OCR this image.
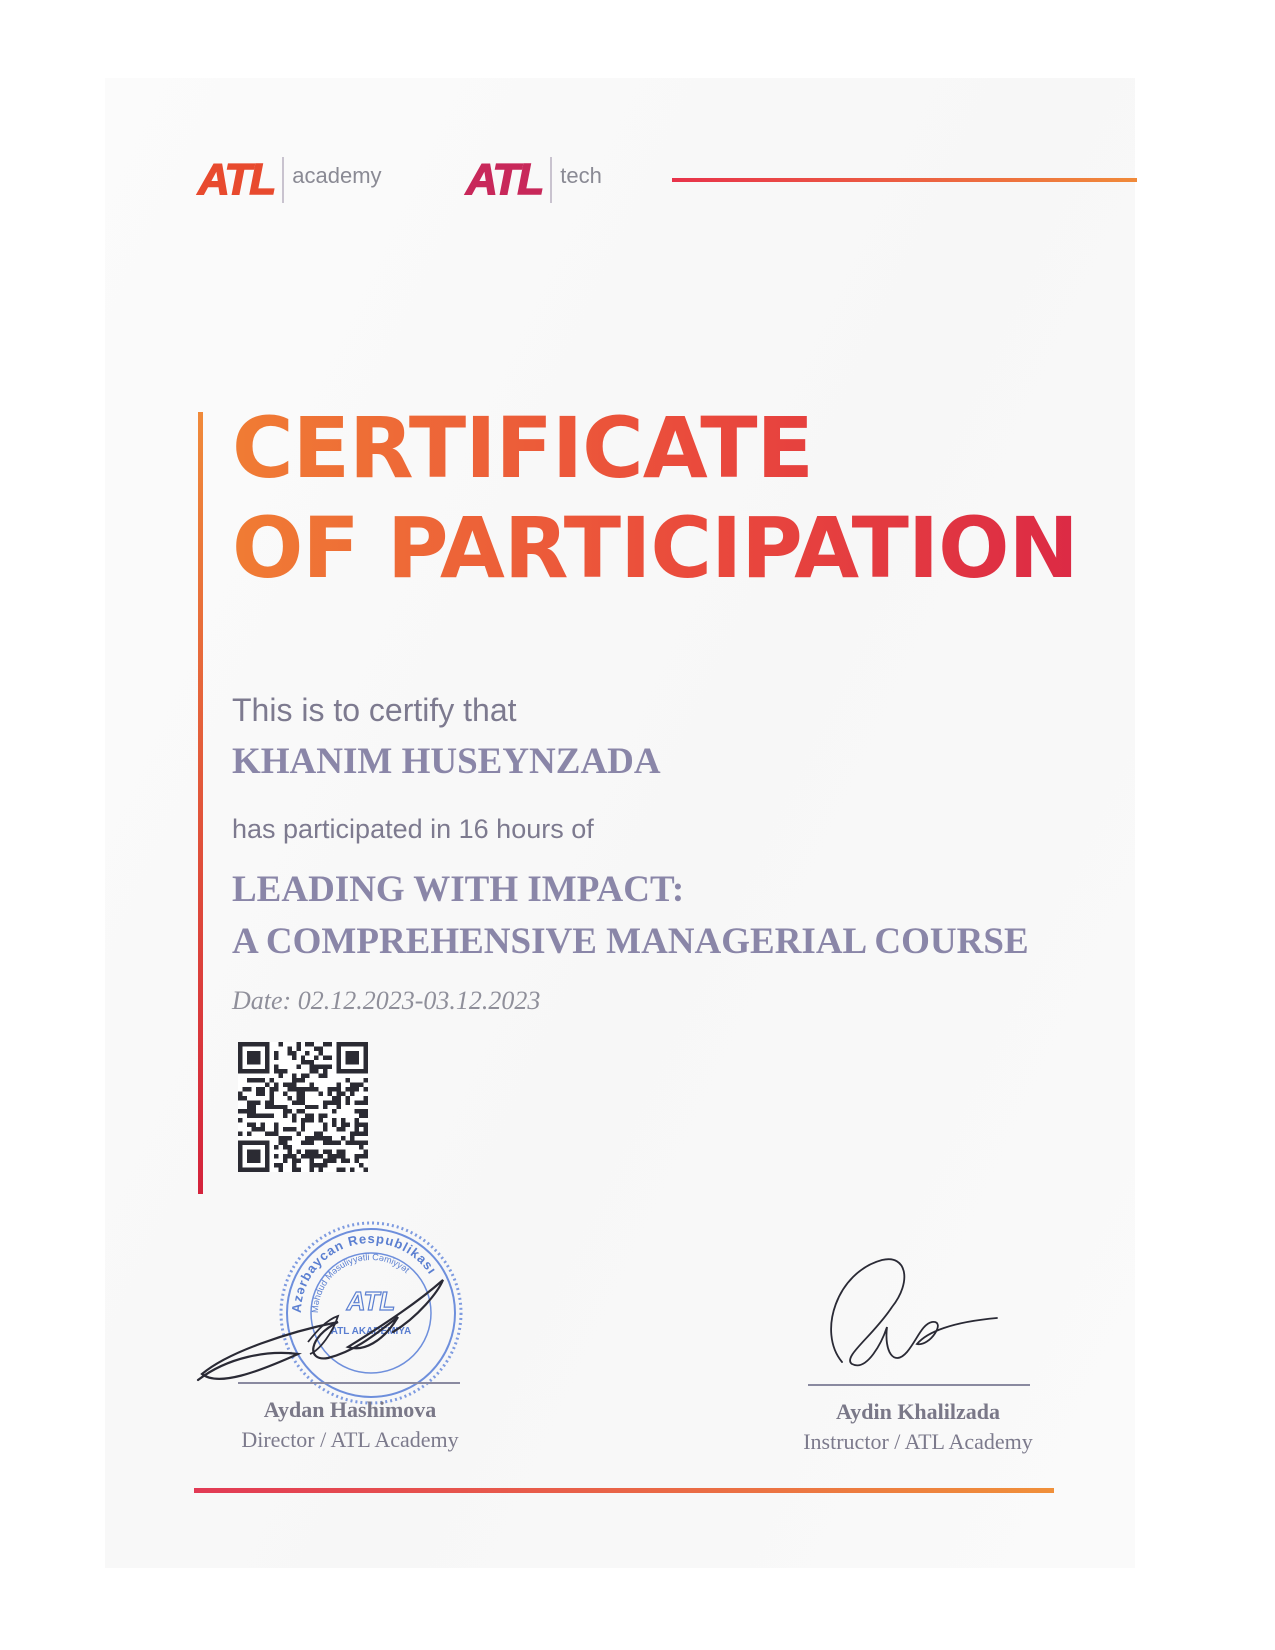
ATL academy ATL tech
CERTIFICATE
OF PARTICIPATION
This is to certify that
KHANIM HUSEYNZADA
has participated in 16 hours of
LEADING WITH IMPACT:
A COMPREHENSIVE MANAGERIAL COURSE
Date: 02.12.2023-03.12.2023
Azərbaycan Respublikası
Məhdud Məsuliyyətli Cəmiyyət
ATL
ATL AKADEMIYA
Aydan Hashimova
Director / ATL Academy
Aydin Khalilzada
Instructor / ATL Academy
